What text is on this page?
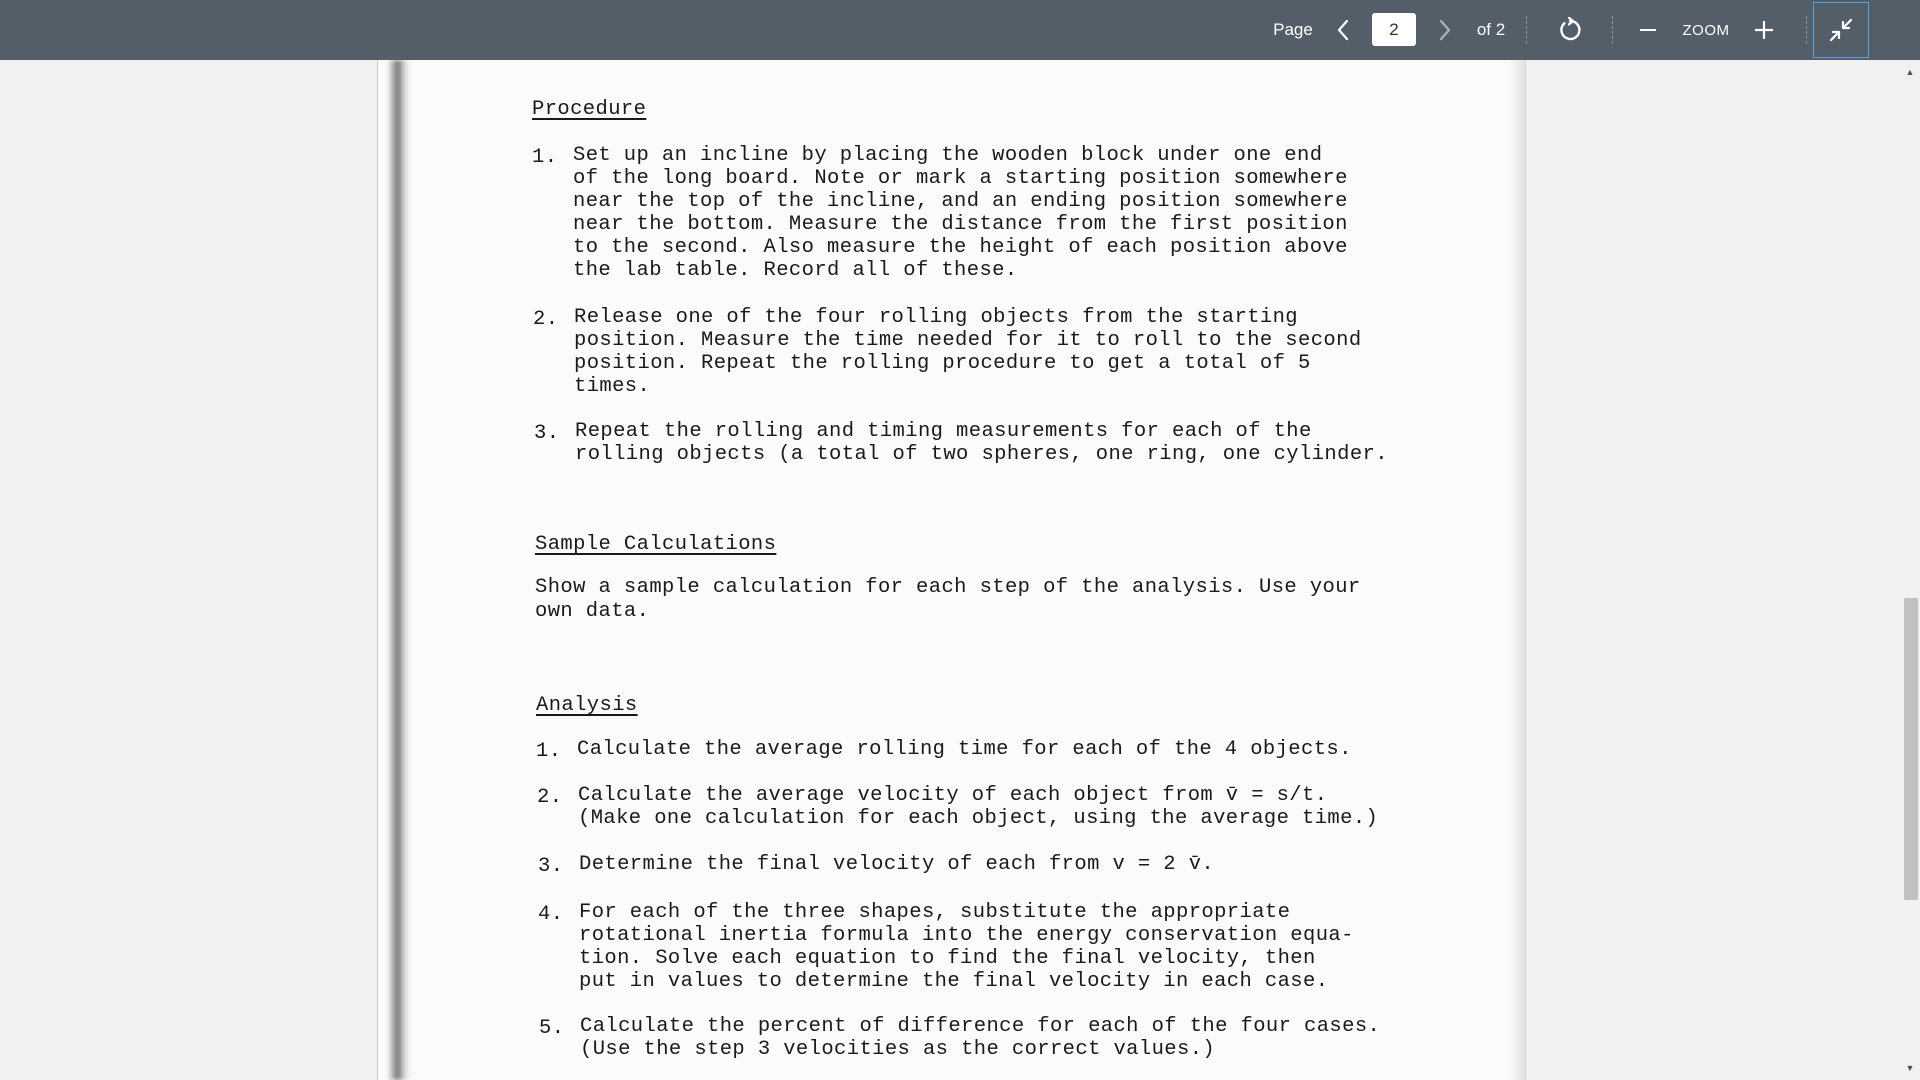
Page
2	of 2	ZOOM
Procedure
1. Set up an incline by placing the wooden block under one end
of the long board. Note or mark a starting position somewhere
near the top of the incline, and an ending position somewhere
near the bottom. Measure the distance from the first position
to the second. Also measure the height of each position above
the lab table. Record all of these.
2. Release one of the four rolling objects from the starting
position. Measure the time needed for it to roll to the second
position. Repeat the rolling procedure to get a total of 5
times.
3. Repeat the rolling and timing measurements for each of the
rolling objects (a total of two spheres, one ring, one cylinder.
Sample Calculations
Show a sample calculation for each step of the analysis. Use your
own data.
Analysis
1. Calculate the average rolling time for each of the 4 objects.
2. Calculate the average velocity of each object from v̄ = s/t.
(Make one calculation for each object, using the average time.)
3. Determine the final velocity of each from v = 2 v̄.
4. For each of the three shapes, substitute the appropriate
rotational inertia formula into the energy conservation equa-
tion. Solve each equation to find the final velocity, then
put in values to determine the final velocity in each case.
5. Calculate the percent of difference for each of the four cases.
(Use the step 3 velocities as the correct values.)
▲
▼
